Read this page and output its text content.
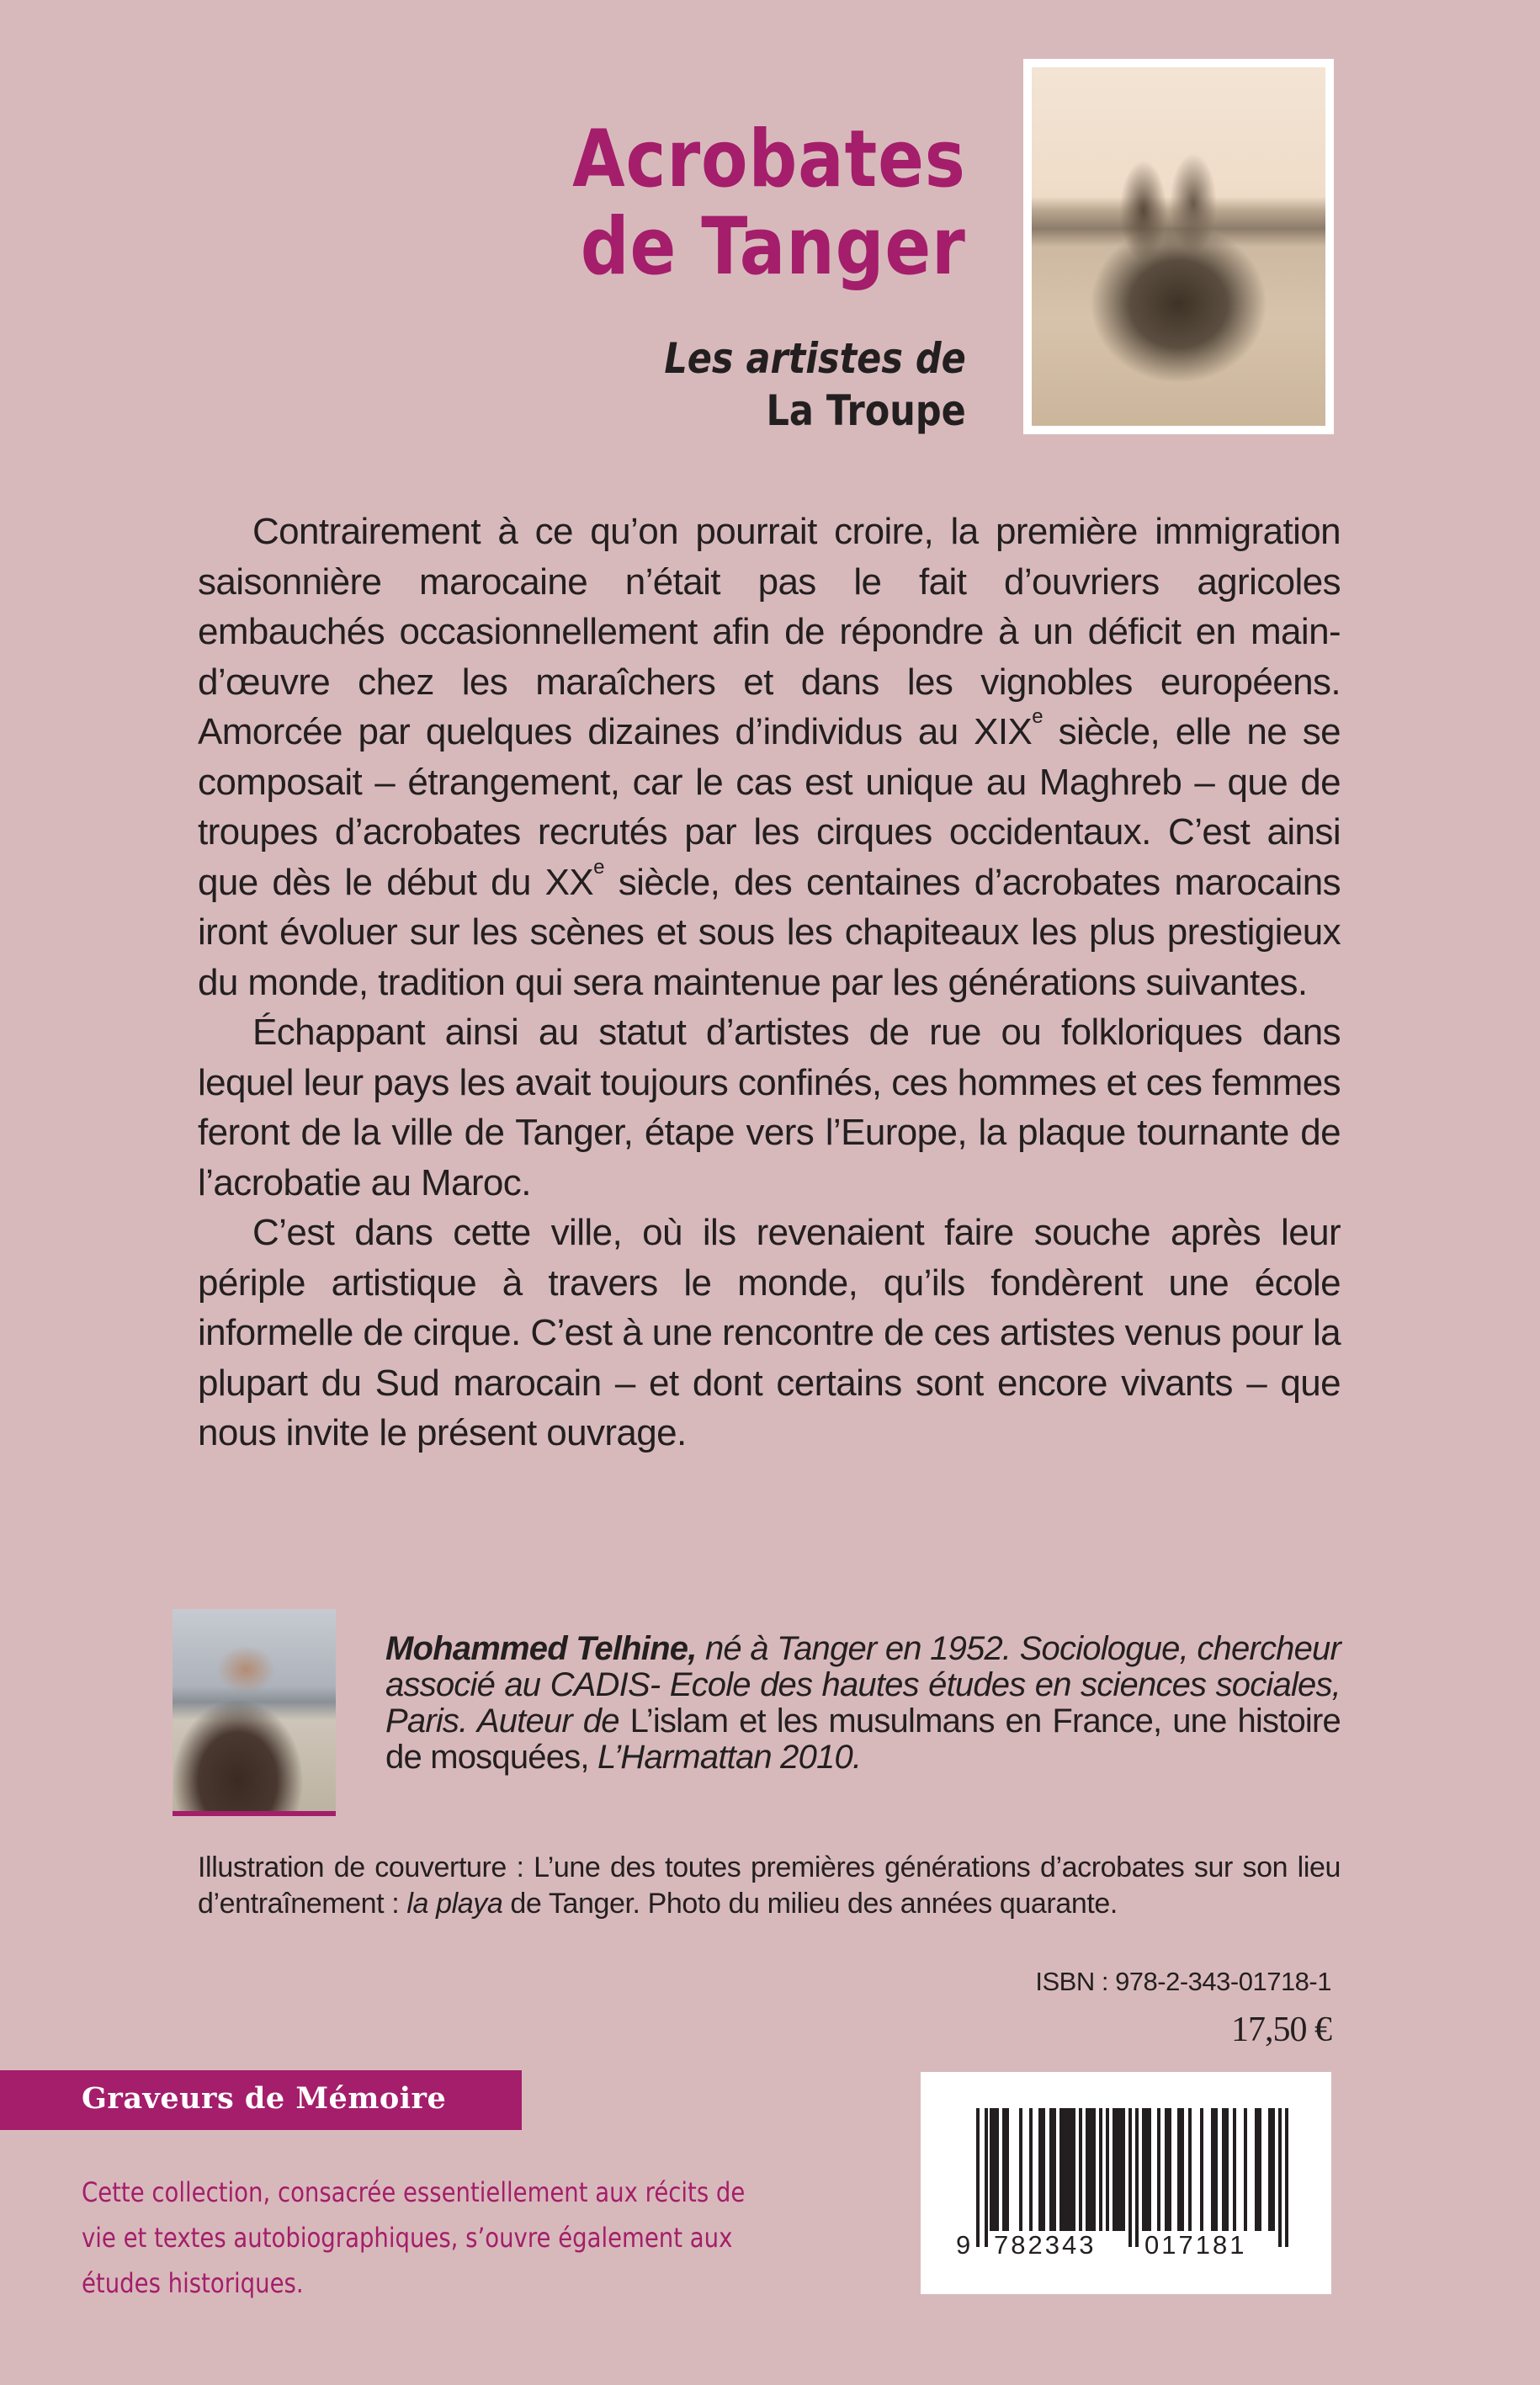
Acrobates
de Tanger
Les artistes de
La Troupe

Contrairement à ce qu’on pourrait croire, la première immigration saisonnière marocaine n’était pas le fait d’ouvriers agricoles embauchés occasionnellement afin de répondre à un déficit en main-d’œuvre chez les maraîchers et dans les vignobles européens. Amorcée par quelques dizaines d’individus au XIXe siècle, elle ne se composait – étrangement, car le cas est unique au Maghreb – que de troupes d’acrobates recrutés par les cirques occidentaux. C’est ainsi que dès le début du XXe siècle, des centaines d’acrobates marocains iront évoluer sur les scènes et sous les chapiteaux les plus prestigieux du monde, tradition qui sera maintenue par les générations suivantes.

Échappant ainsi au statut d’artistes de rue ou folkloriques dans lequel leur pays les avait toujours confinés, ces hommes et ces femmes feront de la ville de Tanger, étape vers l’Europe, la plaque tournante de l’acrobatie au Maroc.

C’est dans cette ville, où ils revenaient faire souche après leur périple artistique à travers le monde, qu’ils fondèrent une école informelle de cirque. C’est à une rencontre de ces artistes venus pour la plupart du Sud marocain – et dont certains sont encore vivants – que nous invite le présent ouvrage.

Mohammed Telhine, né à Tanger en 1952. Sociologue, chercheur associé au CADIS- Ecole des hautes études en sciences sociales, Paris. Auteur de L’islam et les musulmans en France, une histoire de mosquées, L’Harmattan 2010.
Illustration de couverture : L’une des toutes premières générations d’acrobates sur son lieu d’entraînement : la playa de Tanger. Photo du milieu des années quarante.
ISBN : 978-2-343-01718-1
17,50 €
Graveurs de Mémoire
Cette collection, consacrée essentiellement aux récits de vie et textes autobiographiques, s’ouvre également aux études historiques.
9 782343 017181
